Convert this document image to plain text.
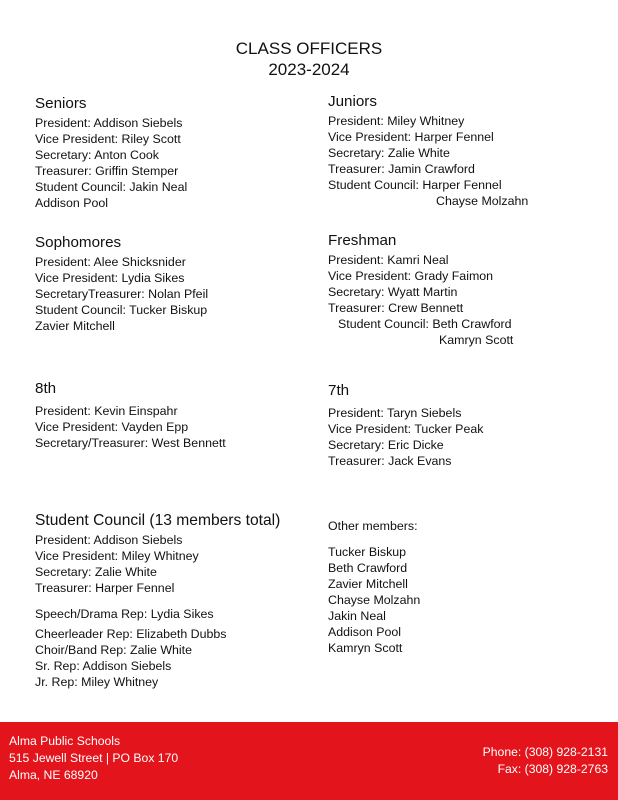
CLASS OFFICERS
2023-2024
Seniors
President: Addison Siebels
Vice President: Riley Scott
Secretary: Anton Cook
Treasurer: Griffin Stemper
Student Council: Jakin Neal
Addison Pool
Juniors
President: Miley Whitney
Vice President: Harper Fennel
Secretary: Zalie White
Treasurer: Jamin Crawford
Student Council: Harper Fennel
Chayse Molzahn
Sophomores
President: Alee Shicksnider
Vice President: Lydia Sikes
SecretaryTreasurer: Nolan Pfeil
Student Council: Tucker Biskup
Zavier Mitchell
Freshman
President: Kamri Neal
Vice President: Grady Faimon
Secretary: Wyatt Martin
Treasurer: Crew Bennett
Student Council: Beth Crawford
Kamryn Scott
8th
President: Kevin Einspahr
Vice President: Vayden Epp
Secretary/Treasurer: West Bennett
7th
President: Taryn Siebels
Vice President: Tucker Peak
Secretary: Eric Dicke
Treasurer: Jack Evans
Student Council (13 members total)
President: Addison Siebels
Vice President: Miley Whitney
Secretary: Zalie White
Treasurer: Harper Fennel
Speech/Drama Rep: Lydia Sikes
Cheerleader Rep: Elizabeth Dubbs
Choir/Band Rep: Zalie White
Sr. Rep: Addison Siebels
Jr. Rep: Miley Whitney
Other members:
Tucker Biskup
Beth Crawford
Zavier Mitchell
Chayse Molzahn
Jakin Neal
Addison Pool
Kamryn Scott
Alma Public Schools
515 Jewell Street | PO Box 170
Alma, NE 68920
Phone: (308) 928-2131
Fax: (308) 928-2763
